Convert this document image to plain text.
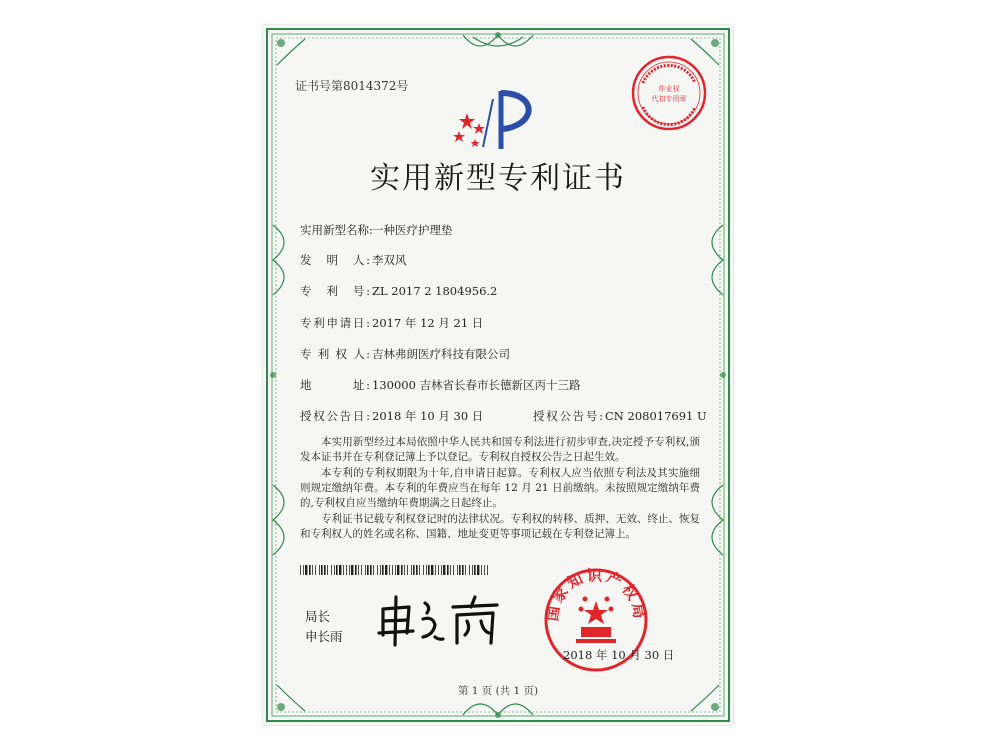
证书号第8014372号	作业权
代扣专用章
实用新型专利证书
实用新型名称:一种医疗护理垫
发　明　人: 李双风
专　利　号: ZL 2017 2 1804956.2
专利申请日: 2017 年 12 月 21 日
专 利 权 人: 吉林弗朗医疗科技有限公司
地　　　址: 130000 吉林省长春市长德新区丙十三路
授权公告日: 2018 年 10 月 30 日	授权公告号: CN 208017691 U

本实用新型经过本局依照中华人民共和国专利法进行初步审查,决定授予专利权,颁发本证书并在专利登记簿上予以登记。专利权自授权公告之日起生效。

本专利的专利权期限为十年,自申请日起算。专利权人应当依照专利法及其实施细则规定缴纳年费。本专利的年费应当在每年 12 月 21 日前缴纳。未按照规定缴纳年费的,专利权自应当缴纳年费期满之日起终止。

专利证书记载专利权登记时的法律状况。专利权的转移、质押、无效、终止、恢复和专利权人的姓名或名称、国籍、地址变更等事项记载在专利登记簿上。

局长
申长雨
国家知识产权局
2018 年 10 月 30 日
第 1 页 (共 1 页)
